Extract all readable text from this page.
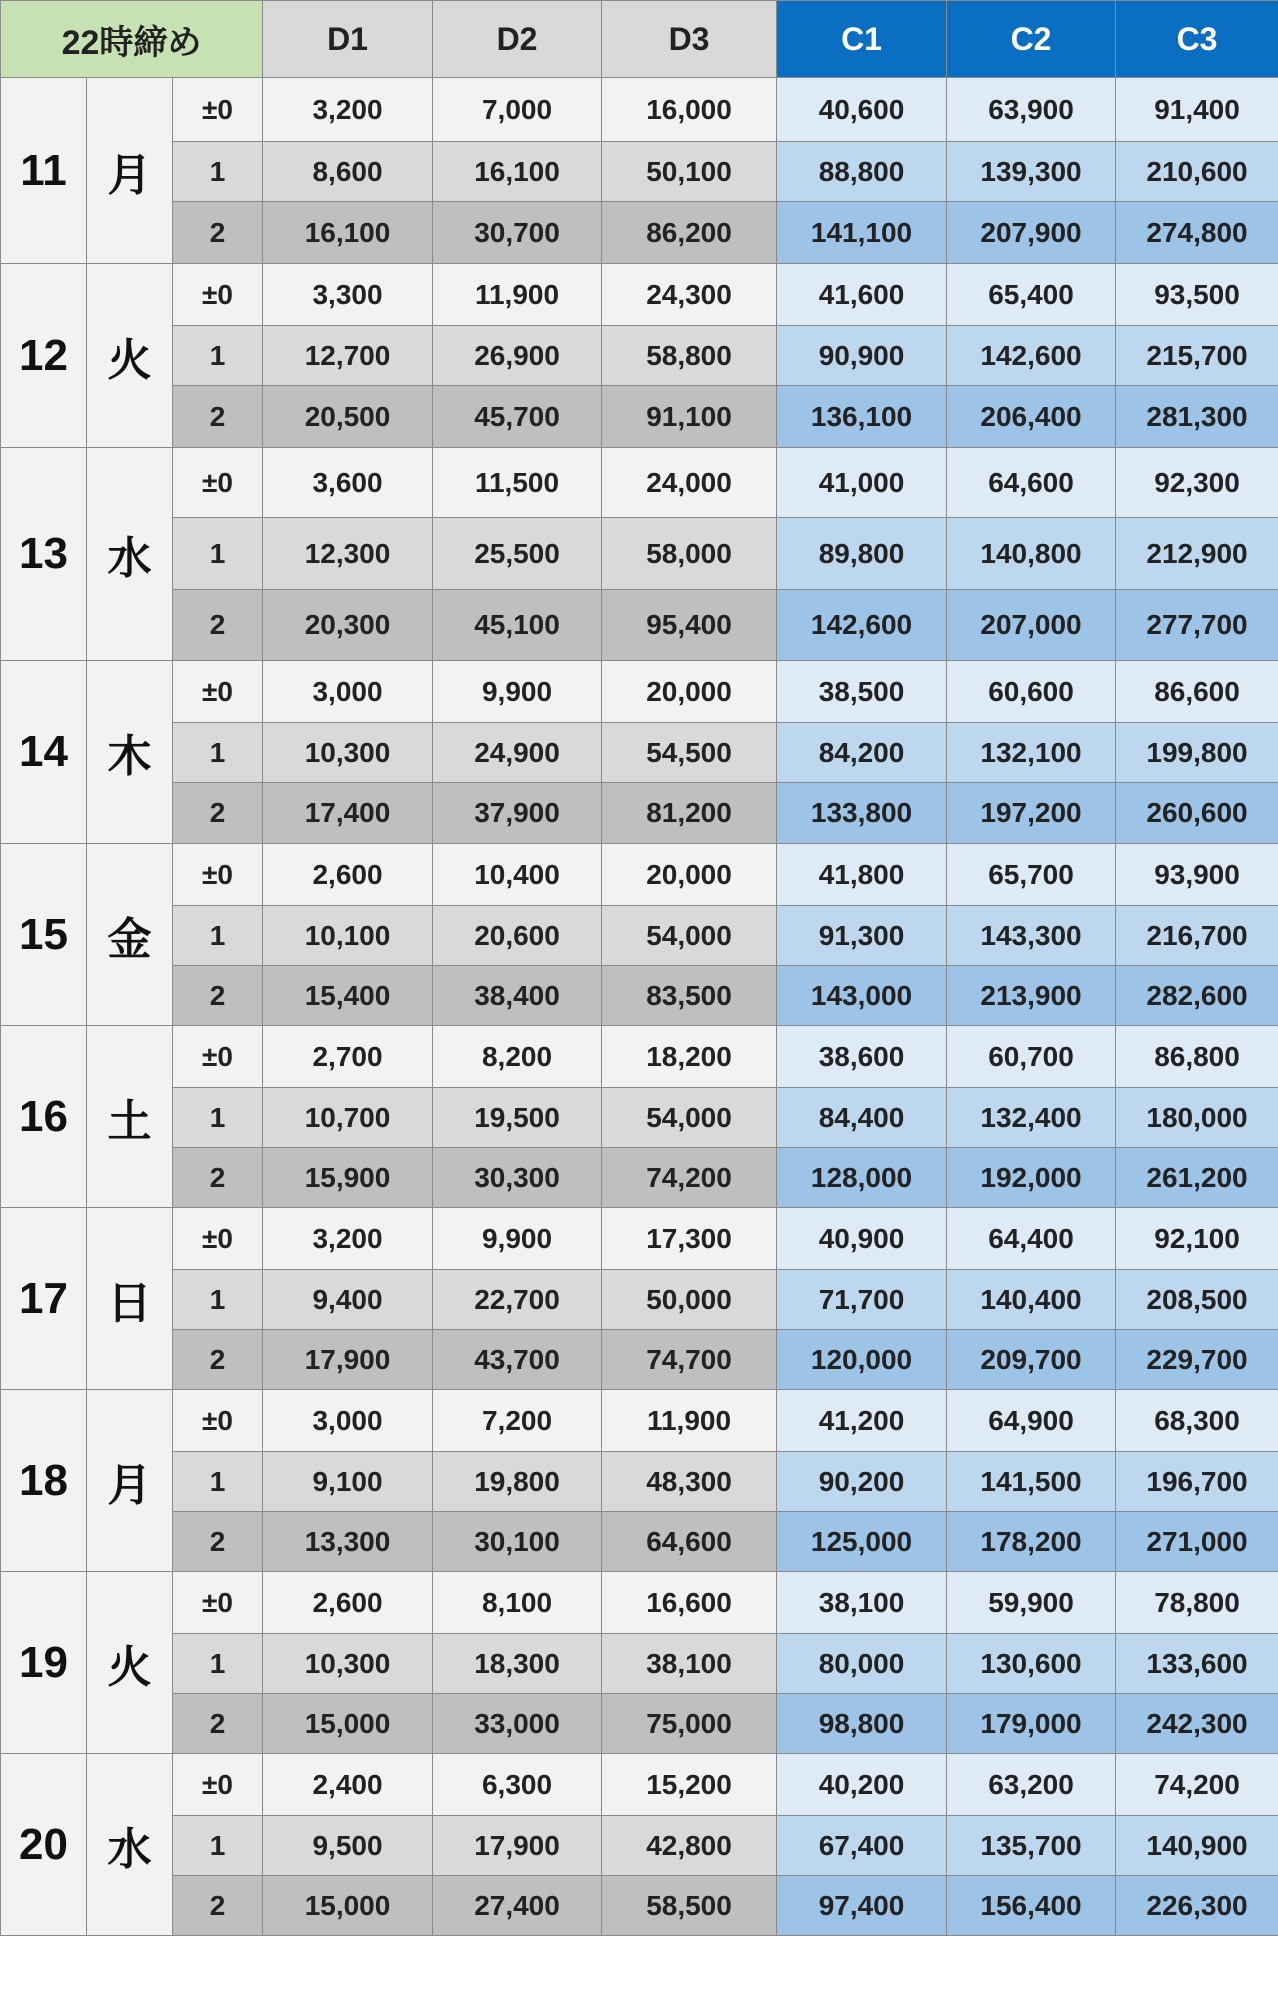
22時締め			D1	D2	D3	C1	C2	C3
11	月	±0	3,200	7,000	16,000	40,600	63,900	91,400
		1	8,600	16,100	50,100	88,800	139,300	210,600
		2	16,100	30,700	86,200	141,100	207,900	274,800
12	火	±0	3,300	11,900	24,300	41,600	65,400	93,500
		1	12,700	26,900	58,800	90,900	142,600	215,700
		2	20,500	45,700	91,100	136,100	206,400	281,300
13	水	±0	3,600	11,500	24,000	41,000	64,600	92,300
		1	12,300	25,500	58,000	89,800	140,800	212,900
		2	20,300	45,100	95,400	142,600	207,000	277,700
14	木	±0	3,000	9,900	20,000	38,500	60,600	86,600
		1	10,300	24,900	54,500	84,200	132,100	199,800
		2	17,400	37,900	81,200	133,800	197,200	260,600
15	金	±0	2,600	10,400	20,000	41,800	65,700	93,900
		1	10,100	20,600	54,000	91,300	143,300	216,700
		2	15,400	38,400	83,500	143,000	213,900	282,600
16	土	±0	2,700	8,200	18,200	38,600	60,700	86,800
		1	10,700	19,500	54,000	84,400	132,400	180,000
		2	15,900	30,300	74,200	128,000	192,000	261,200
17	日	±0	3,200	9,900	17,300	40,900	64,400	92,100
		1	9,400	22,700	50,000	71,700	140,400	208,500
		2	17,900	43,700	74,700	120,000	209,700	229,700
18	月	±0	3,000	7,200	11,900	41,200	64,900	68,300
		1	9,100	19,800	48,300	90,200	141,500	196,700
		2	13,300	30,100	64,600	125,000	178,200	271,000
19	火	±0	2,600	8,100	16,600	38,100	59,900	78,800
		1	10,300	18,300	38,100	80,000	130,600	133,600
		2	15,000	33,000	75,000	98,800	179,000	242,300
20	水	±0	2,400	6,300	15,200	40,200	63,200	74,200
		1	9,500	17,900	42,800	67,400	135,700	140,900
		2	15,000	27,400	58,500	97,400	156,400	226,300
